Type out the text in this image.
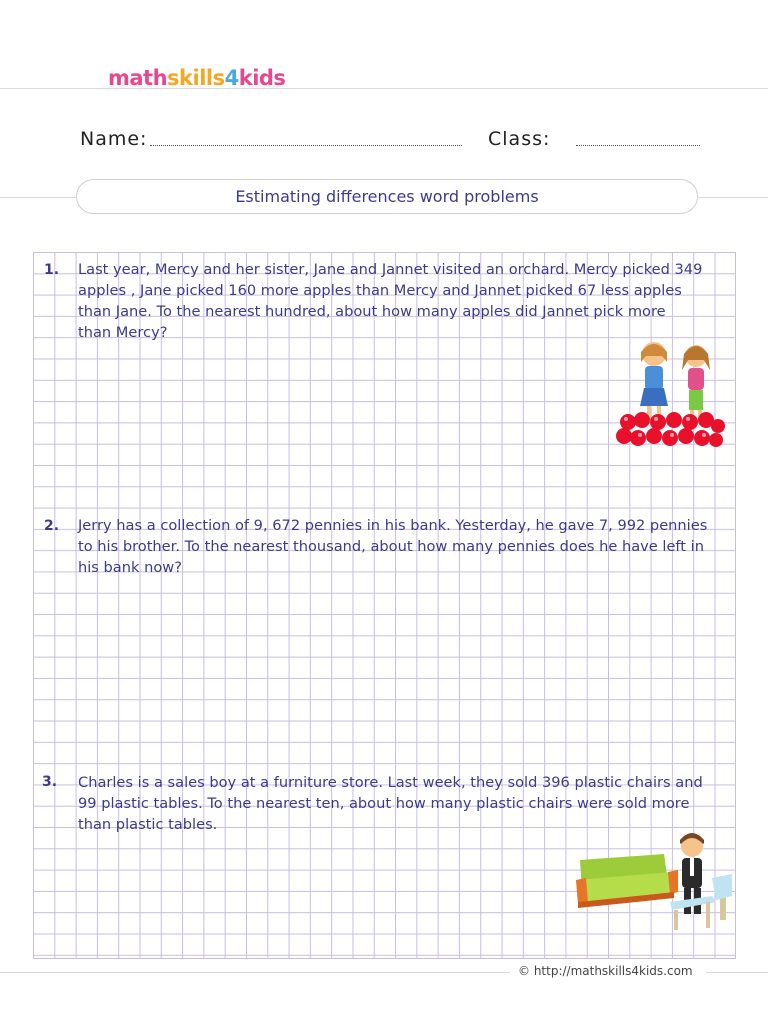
mathskills4kids
Name:	Class:
Estimating differences word problems
1. Last year, Mercy and her sister, Jane and Jannet visited an orchard. Mercy picked 349
apples , Jane picked 160 more apples than Mercy and Jannet picked 67 less apples
than Jane. To the nearest hundred, about how many apples did Jannet pick more
than Mercy?
2. Jerry has a collection of 9, 672 pennies in his bank. Yesterday, he gave 7, 992 pennies
to his brother. To the nearest thousand, about how many pennies does he have left in
his bank now?
3. Charles is a sales boy at a furniture store. Last week, they sold 396 plastic chairs and
99 plastic tables. To the nearest ten, about how many plastic chairs were sold more
than plastic tables.
© http://mathskills4kids.com
